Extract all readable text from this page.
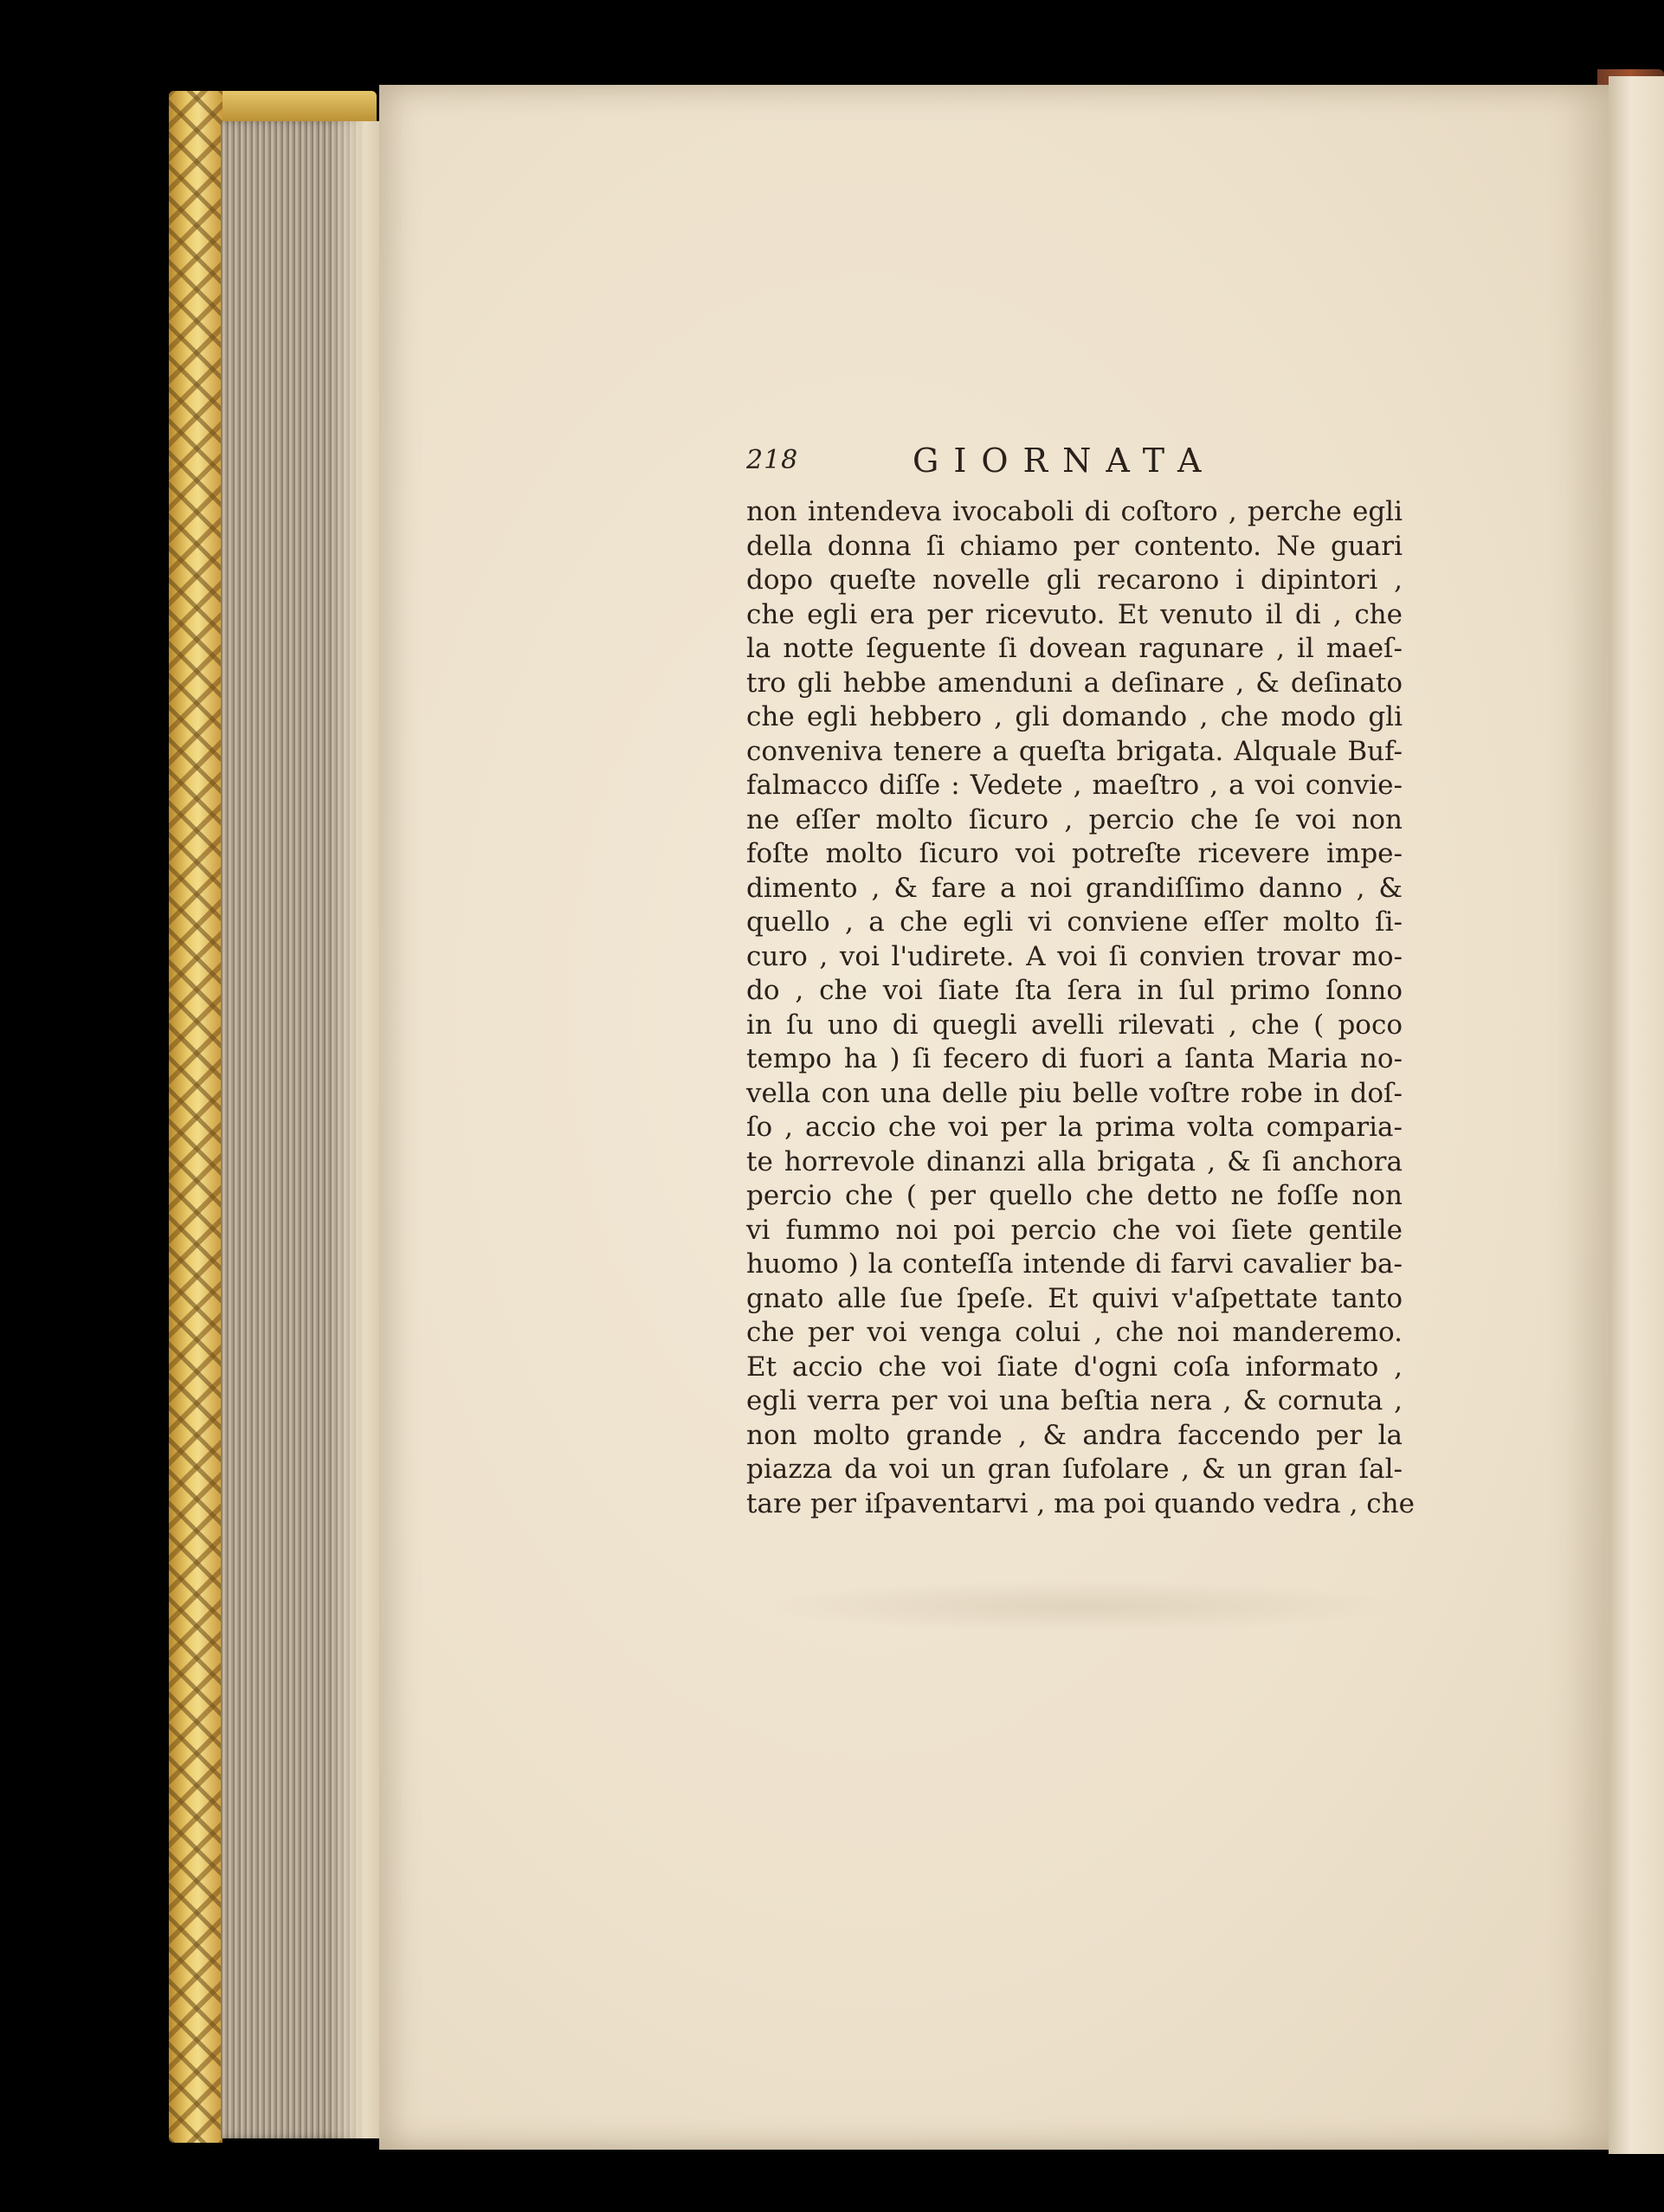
218	GIORNATA
non intendeva ivocaboli di coſtoro , perche egli
della donna ſi chiamo per contento. Ne guari
dopo queſte novelle gli recarono i dipintori ,
che egli era per ricevuto. Et venuto il di , che
la notte ſeguente ſi dovean ragunare , il maeſ-
tro gli hebbe amenduni a deſinare , & deſinato
che egli hebbero , gli domando , che modo gli
conveniva tenere a queſta brigata. Alquale Buf-
falmacco diſſe : Vedete , maeſtro , a voi convie-
ne eſſer molto ſicuro , percio che ſe voi non
foſte molto ſicuro voi potreſte ricevere impe-
dimento , & fare a noi grandiſſimo danno , &
quello , a che egli vi conviene eſſer molto ſi-
curo , voi l'udirete. A voi ſi convien trovar mo-
do , che voi ſiate ſta ſera in ſul primo ſonno
in ſu uno di quegli avelli rilevati , che ( poco
tempo ha ) ſi fecero di fuori a ſanta Maria no-
vella con una delle piu belle voſtre robe in doſ-
ſo , accio che voi per la prima volta comparia-
te horrevole dinanzi alla brigata , & ſi anchora
percio che ( per quello che detto ne foſſe non
vi fummo noi poi percio che voi ſiete gentile
huomo ) la conteſſa intende di farvi cavalier ba-
gnato alle ſue ſpeſe. Et quivi v'aſpettate tanto
che per voi venga colui , che noi manderemo.
Et accio che voi ſiate d'ogni coſa informato ,
egli verra per voi una beſtia nera , & cornuta ,
non molto grande , & andra faccendo per la
piazza da voi un gran ſufolare , & un gran ſal-
tare per iſpaventarvi , ma poi quando vedra , che
